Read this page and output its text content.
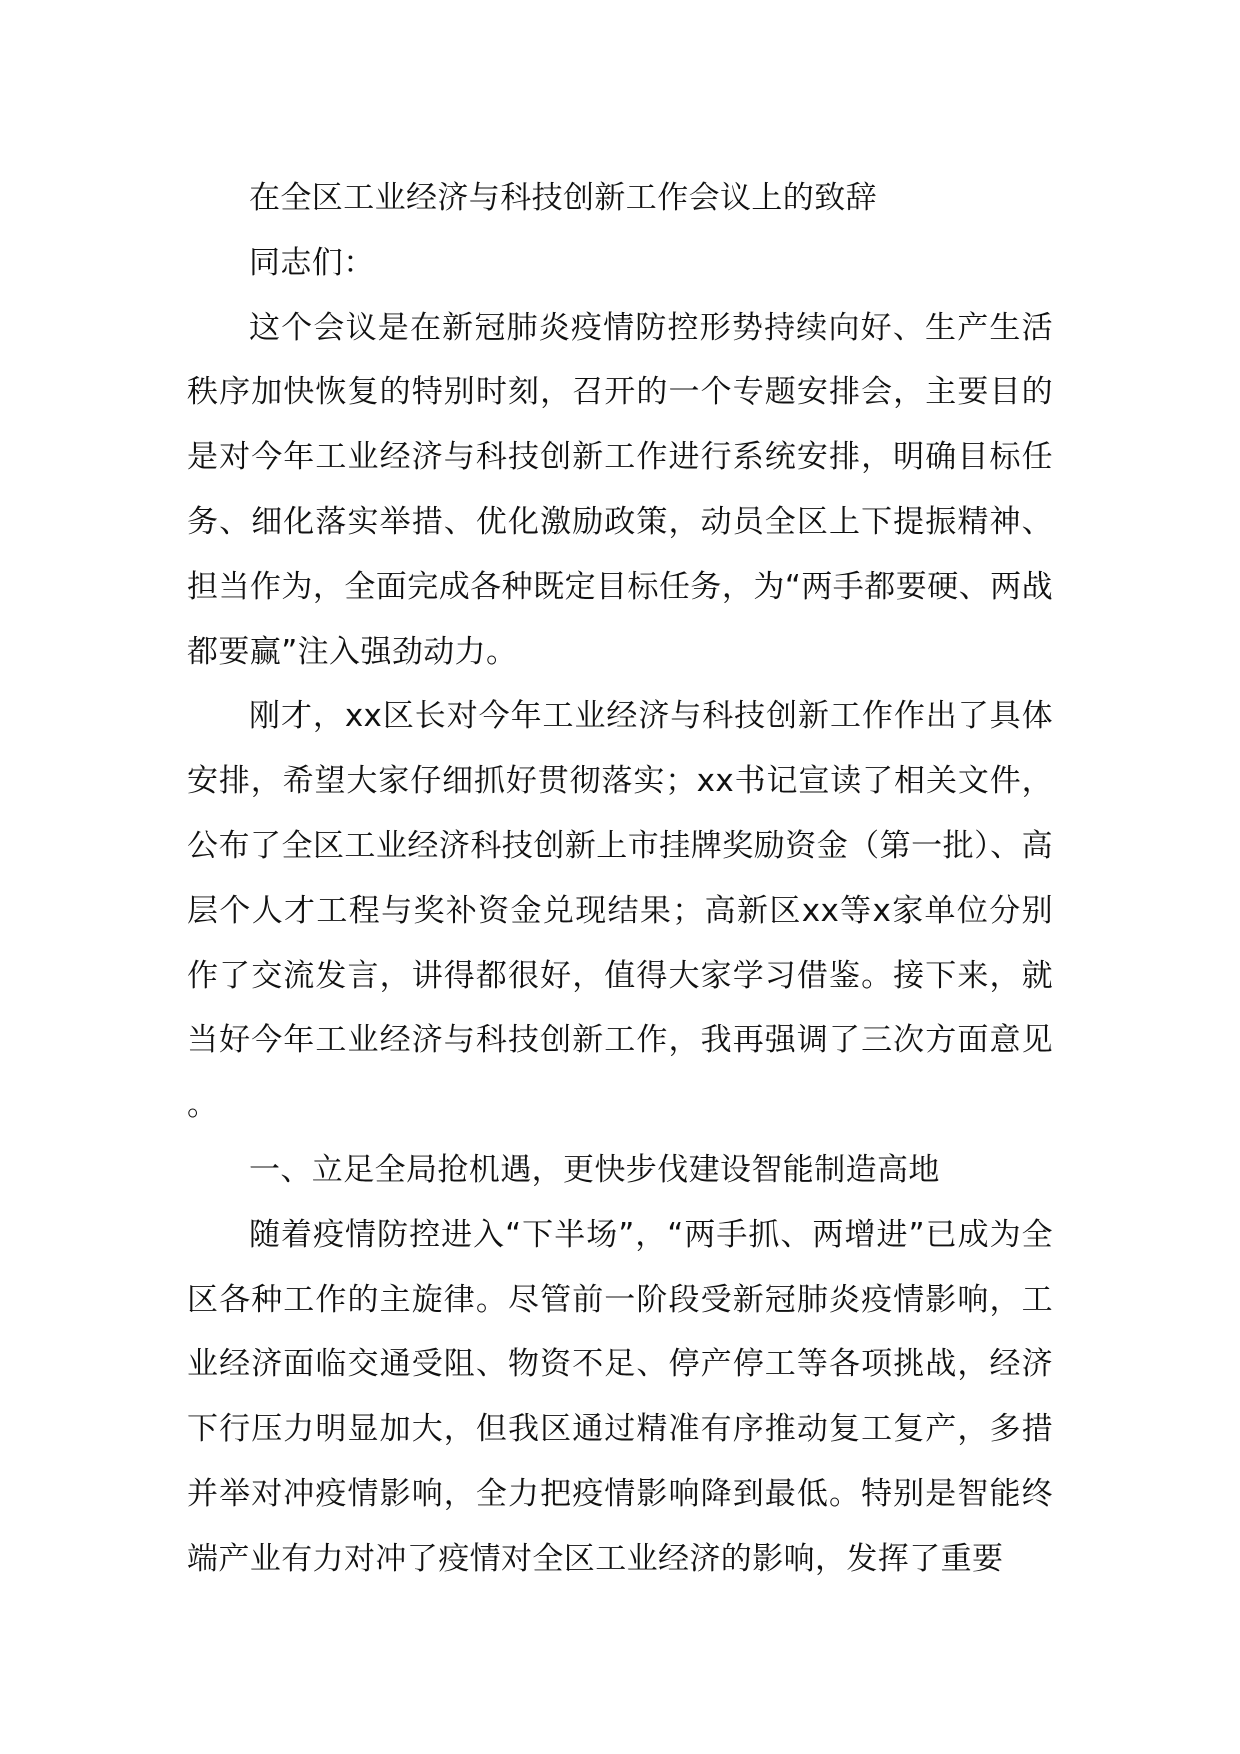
在全区工业经济与科技创新工作会议上的致辞

同志们：

这个会议是在新冠肺炎疫情防控形势持续向好、生产生活秩序加快恢复的特别时刻，召开的一个专题安排会，主要目的是对今年工业经济与科技创新工作进行系统安排，明确目标任务、细化落实举措、优化激励政策，动员全区上下提振精神、担当作为，全面完成各种既定目标任务，为“两手都要硬、两战都要赢”注入强劲动力。

刚才，xx区长对今年工业经济与科技创新工作作出了具体安排，希望大家仔细抓好贯彻落实；xx书记宣读了相关文件，公布了全区工业经济科技创新上市挂牌奖励资金（第一批）、高层个人才工程与奖补资金兑现结果；高新区xx等x家单位分别作了交流发言，讲得都很好，值得大家学习借鉴。接下来，就当好今年工业经济与科技创新工作，我再强调了三次方面意见。

一、立足全局抢机遇，更快步伐建设智能制造高地

随着疫情防控进入“下半场”，“两手抓、两增进”已成为全区各种工作的主旋律。尽管前一阶段受新冠肺炎疫情影响，工业经济面临交通受阻、物资不足、停产停工等各项挑战，经济下行压力明显加大，但我区通过精准有序推动复工复产，多措并举对冲疫情影响，全力把疫情影响降到最低。特别是智能终端产业有力对冲了疫情对全区工业经济的影响，发挥了重要
